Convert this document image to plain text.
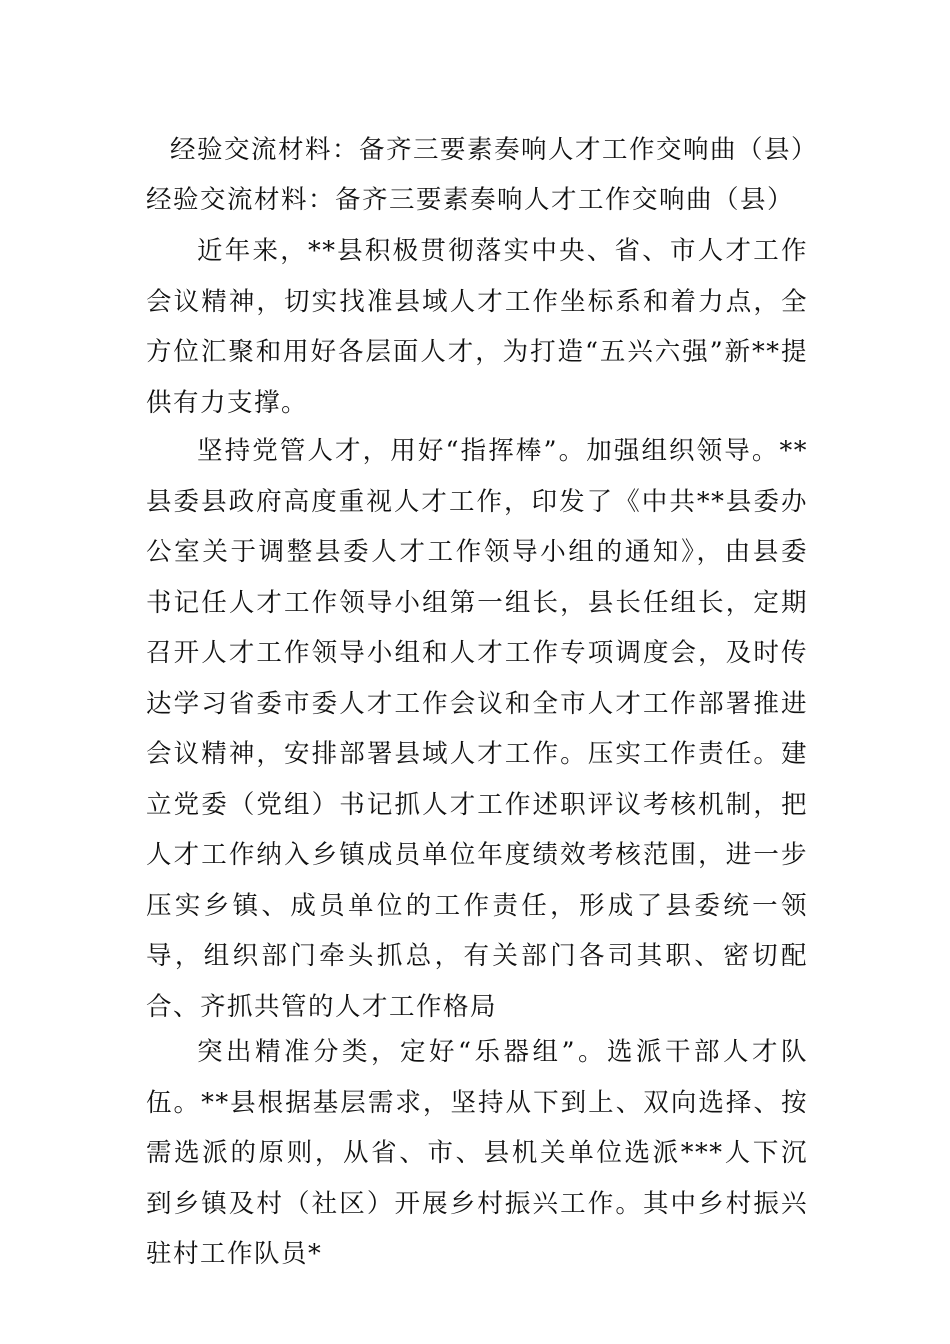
经验交流材料：备齐三要素奏响人才工作交响曲（县）
经验交流材料：备齐三要素奏响人才工作交响曲（县）

近年来，**县积极贯彻落实中央、省、市人才工作会议精神，切实找准县域人才工作坐标系和着力点，全方位汇聚和用好各层面人才，为打造“五兴六强”新**提供有力支撑。

坚持党管人才，用好“指挥棒”。加强组织领导。**县委县政府高度重视人才工作，印发了《中共**县委办公室关于调整县委人才工作领导小组的通知》，由县委书记任人才工作领导小组第一组长，县长任组长，定期召开人才工作领导小组和人才工作专项调度会，及时传达学习省委市委人才工作会议和全市人才工作部署推进会议精神，安排部署县域人才工作。压实工作责任。建立党委（党组）书记抓人才工作述职评议考核机制，把人才工作纳入乡镇成员单位年度绩效考核范围，进一步压实乡镇、成员单位的工作责任，形成了县委统一领导，组织部门牵头抓总，有关部门各司其职、密切配合、齐抓共管的人才工作格局

突出精准分类，定好“乐器组”。选派干部人才队伍。**县根据基层需求，坚持从下到上、双向选择、按需选派的原则，从省、市、县机关单位选派***人下沉到乡镇及村（社区）开展乡村振兴工作。其中乡村振兴驻村工作队员*
